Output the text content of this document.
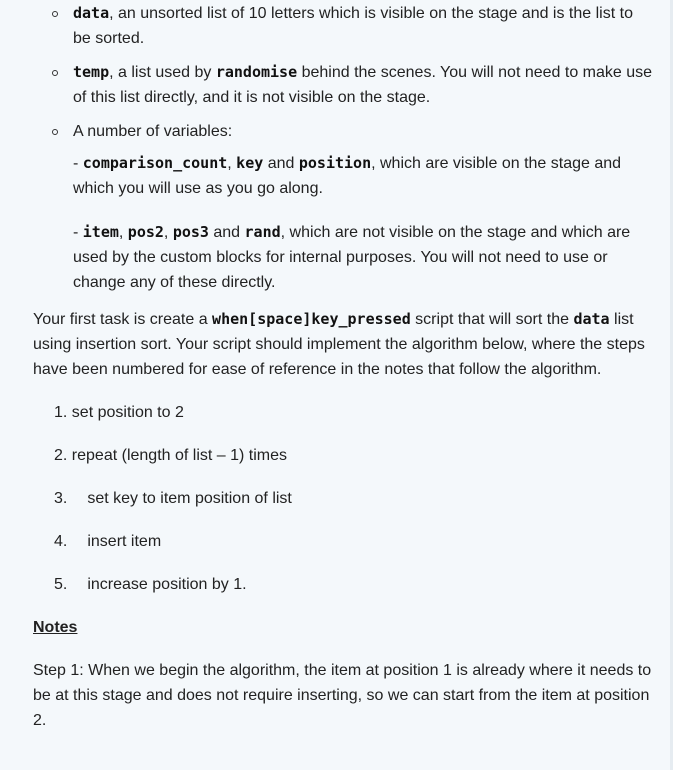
data, an unsorted list of 10 letters which is visible on the stage and is the list to be sorted.
temp, a list used by randomise behind the scenes. You will not need to make use of this list directly, and it is not visible on the stage.
A number of variables:

- comparison_count, key and position, which are visible on the stage and which you will use as you go along.

- item, pos2, pos3 and rand, which are not visible on the stage and which are used by the custom blocks for internal purposes. You will not need to use or change any of these directly.

Your first task is create a when[space]key_pressed script that will sort the data list using insertion sort. Your script should implement the algorithm below, where the steps have been numbered for ease of reference in the notes that follow the algorithm.

1. set position to 2
2. repeat (length of list – 1) times
3. set key to item position of list
4. insert item
5. increase position by 1.

Notes

Step 1: When we begin the algorithm, the item at position 1 is already where it needs to be at this stage and does not require inserting, so we can start from the item at position 2.
